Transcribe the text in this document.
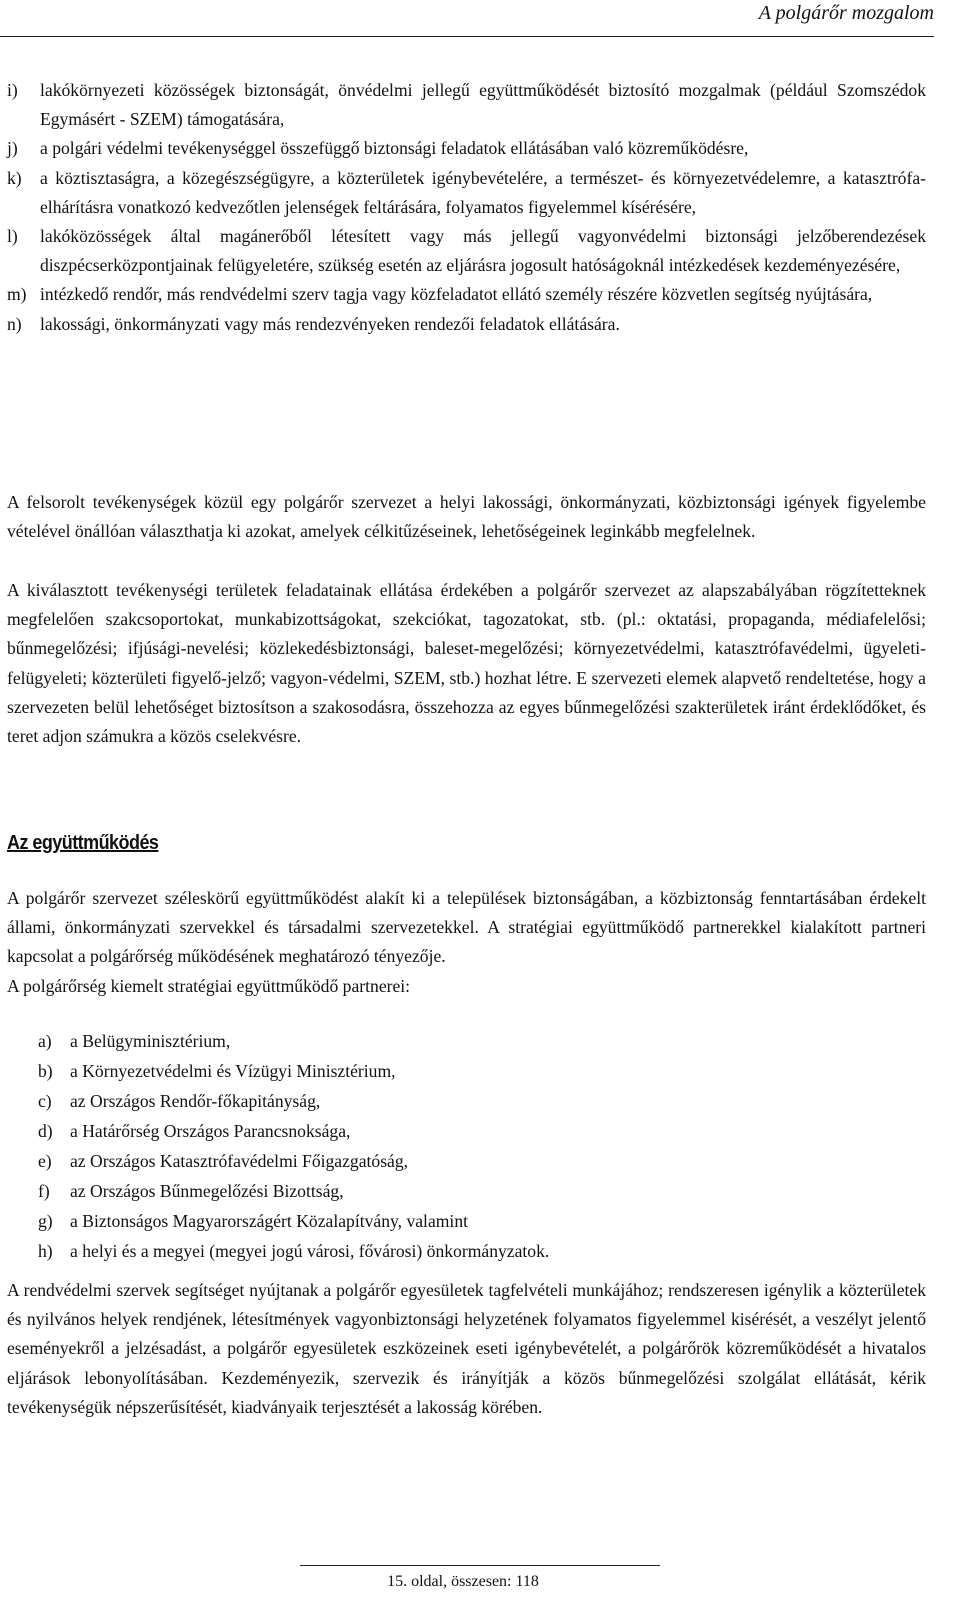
A polgárőr mozgalom
i)	lakókörnyezeti közösségek biztonságát, önvédelmi jellegű együttműködését biztosító mozgalmak (például Szomszédok Egymásért - SZEM) támogatására,
j)	a polgári védelmi tevékenységgel összefüggő biztonsági feladatok ellátásában való közreműködésre,
k)	a köztisztaságra, a közegészségügyre, a közterületek igénybevételére, a természet- és környezetvédelemre, a katasztrófa-elhárításra vonatkozó kedvezőtlen jelenségek feltárására, folyamatos figyelemmel kísérésére,
l)	lakóközösségek által magánerőből létesített vagy más jellegű vagyonvédelmi biztonsági jelzőberendezések diszpécserközpontjainak felügyeletére, szükség esetén az eljárásra jogosult hatóságoknál intézkedések kezdeményezésére,
m) intézkedő rendőr, más rendvédelmi szerv tagja vagy közfeladatot ellátó személy részére közvetlen segítség nyújtására,
n)	lakossági, önkormányzati vagy más rendezvényeken rendezői feladatok ellátására.

A felsorolt tevékenységek közül egy polgárőr szervezet a helyi lakossági, önkormányzati, közbiztonsági igények figyelembe vételével önállóan választhatja ki azokat, amelyek célkitűzéseinek, lehetőségeinek leginkább megfelelnek.

A kiválasztott tevékenységi területek feladatainak ellátása érdekében a polgárőr szervezet az alapszabályában rögzítetteknek megfelelően szakcsoportokat, munkabizottságokat, szekciókat, tagozatokat, stb. (pl.: oktatási, propaganda, médiafelelősi; bűnmegelőzési; ifjúsági-nevelési; közlekedésbiztonsági, baleset-megelőzési; környezetvédelmi, katasztrófavédelmi, ügyeleti-felügyeleti; közterületi figyelő-jelző; vagyon-védelmi, SZEM, stb.) hozhat létre. E szervezeti elemek alapvető rendeltetése, hogy a szervezeten belül lehetőséget biztosítson a szakosodásra, összehozza az egyes bűnmegelőzési szakterületek iránt érdeklődőket, és teret adjon számukra a közös cselekvésre.

Az együttműködés

A polgárőr szervezet széleskörű együttműködést alakít ki a települések biztonságában, a közbiztonság fenntartásában érdekelt állami, önkormányzati szervekkel és társadalmi szervezetekkel. A stratégiai együttműködő partnerekkel kialakított partneri kapcsolat a polgárőrség működésének meghatározó tényezője.

A polgárőrség kiemelt stratégiai együttműködő partnerei:

a)	a Belügyminisztérium,
b) a Környezetvédelmi és Vízügyi Minisztérium,
c)	az Országos Rendőr-főkapitányság,
d) a Határőrség Országos Parancsnoksága,
e)	az Országos Katasztrófavédelmi Főigazgatóság,
f)	az Országos Bűnmegelőzési Bizottság,
g) a Biztonságos Magyarországért Közalapítvány, valamint
h) a helyi és a megyei (megyei jogú városi, fővárosi) önkormányzatok.

A rendvédelmi szervek segítséget nyújtanak a polgárőr egyesületek tagfelvételi munkájához; rendszeresen igénylik a közterületek és nyilvános helyek rendjének, létesítmények vagyonbiztonsági helyzetének folyamatos figyelemmel kisérését, a veszélyt jelentő eseményekről a jelzésadást, a polgárőr egyesületek eszközeinek eseti igénybevételét, a polgárőrök közreműködését a hivatalos eljárások lebonyolításában. Kezdeményezik, szervezik és irányítják a közös bűnmegelőzési szolgálat ellátását, kérik tevékenységük népszerűsítését, kiadványaik terjesztését a lakosság körében.

15. oldal, összesen: 118
